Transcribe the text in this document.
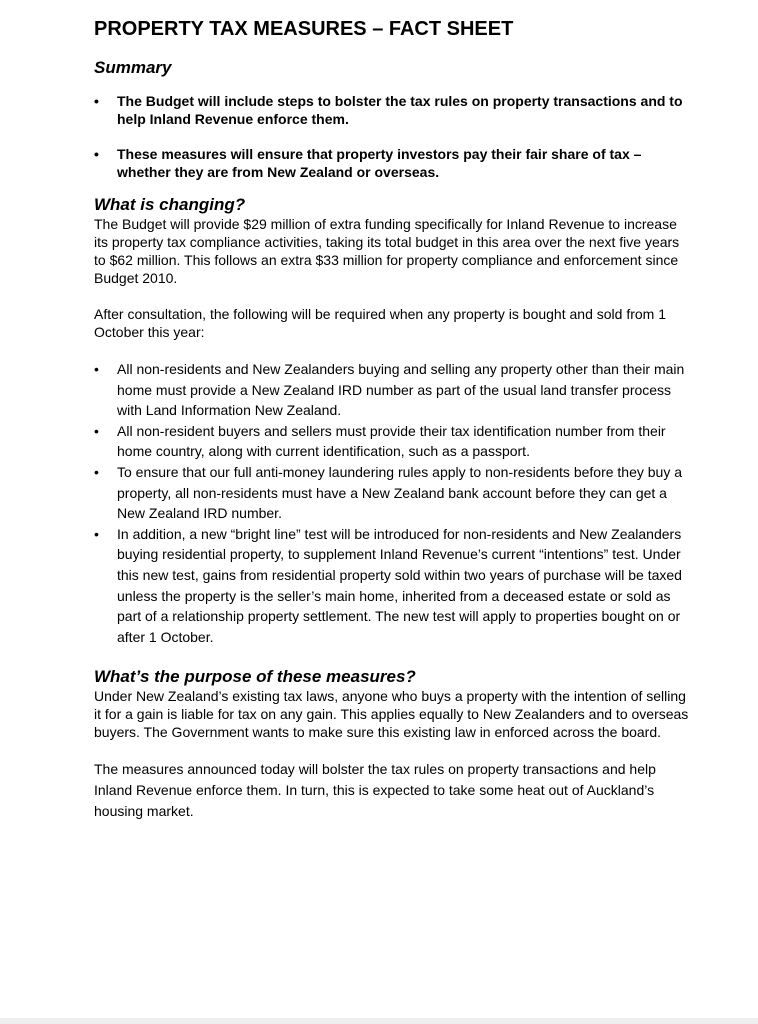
PROPERTY TAX MEASURES – FACT SHEET
Summary
•	The Budget will include steps to bolster the tax rules on property transactions and to help Inland Revenue enforce them.
•	These measures will ensure that property investors pay their fair share of tax – whether they are from New Zealand or overseas.
What is changing?

The Budget will provide $29 million of extra funding specifically for Inland Revenue to increase its property tax compliance activities, taking its total budget in this area over the next five years to $62 million. This follows an extra $33 million for property compliance and enforcement since Budget 2010.

After consultation, the following will be required when any property is bought and sold from 1 October this year:

•	All non-residents and New Zealanders buying and selling any property other than their main home must provide a New Zealand IRD number as part of the usual land transfer process with Land Information New Zealand.
•	All non-resident buyers and sellers must provide their tax identification number from their home country, along with current identification, such as a passport.
•	To ensure that our full anti-money laundering rules apply to non-residents before they buy a property, all non-residents must have a New Zealand bank account before they can get a New Zealand IRD number.
•	In addition, a new “bright line” test will be introduced for non-residents and New Zealanders buying residential property, to supplement Inland Revenue’s current “intentions” test. Under this new test, gains from residential property sold within two years of purchase will be taxed unless the property is the seller’s main home, inherited from a deceased estate or sold as part of a relationship property settlement. The new test will apply to properties bought on or after 1 October.
What’s the purpose of these measures?

Under New Zealand’s existing tax laws, anyone who buys a property with the intention of selling it for a gain is liable for tax on any gain. This applies equally to New Zealanders and to overseas buyers. The Government wants to make sure this existing law in enforced across the board.

The measures announced today will bolster the tax rules on property transactions and help Inland Revenue enforce them. In turn, this is expected to take some heat out of Auckland’s housing market.
